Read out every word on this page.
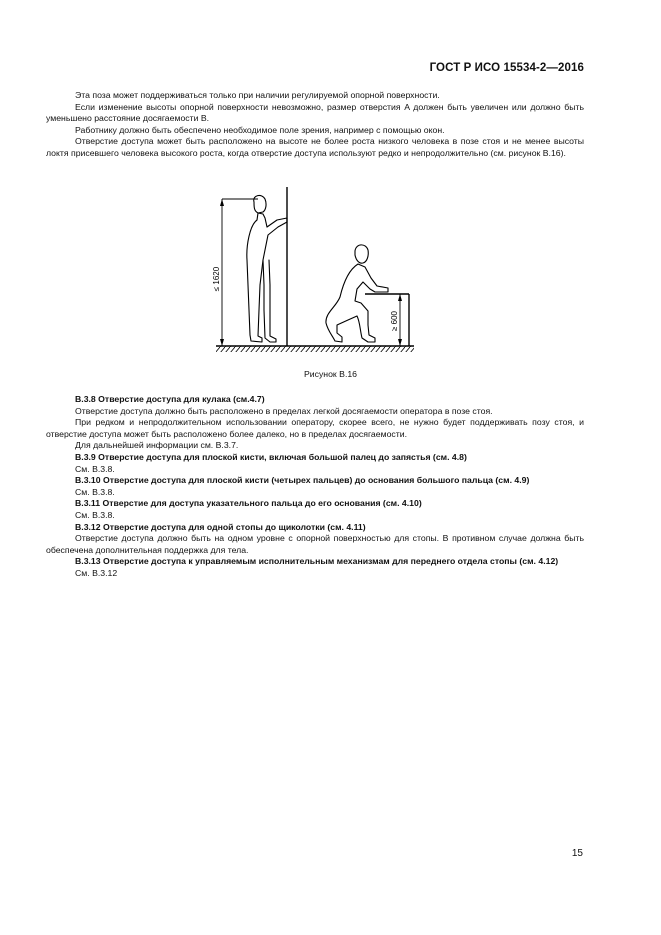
ГОСТ Р ИСО 15534-2—2016

Эта поза может поддерживаться только при наличии регулируемой опорной поверхности.

Если изменение высоты опорной поверхности невозможно, размер отверстия A должен быть увеличен или должно быть уменьшено расстояние досягаемости B.

Работнику должно быть обеспечено необходимое поле зрения, например с помощью окон.

Отверстие доступа может быть расположено на высоте не более роста низкого человека в позе стоя и не менее высоты локтя присевшего человека высокого роста, когда отверстие доступа используют редко и непродолжительно (см. рисунок В.16).

≤ 1620
≥ 600
Рисунок В.16

В.3.8 Отверстие доступа для кулака (см.4.7)

Отверстие доступа должно быть расположено в пределах легкой досягаемости оператора в позе стоя.

При редком и непродолжительном использовании оператору, скорее всего, не нужно будет поддерживать позу стоя, и отверстие доступа может быть расположено более далеко, но в пределах досягаемости.

Для дальнейшей информации см. В.3.7.

В.3.9 Отверстие доступа для плоской кисти, включая большой палец до запястья (см. 4.8)

См. В.3.8.

В.3.10 Отверстие доступа для плоской кисти (четырех пальцев) до основания большого пальца (см. 4.9)

См. В.3.8.

В.3.11 Отверстие для доступа указательного пальца до его основания (см. 4.10)

См. В.3.8.

В.3.12 Отверстие доступа для одной стопы до щиколотки (см. 4.11)

Отверстие доступа должно быть на одном уровне с опорной поверхностью для стопы. В противном случае должна быть обеспечена дополнительная поддержка для тела.

В.3.13 Отверстие доступа к управляемым исполнительным механизмам для переднего отдела стопы (см. 4.12)

См. В.3.12

15
